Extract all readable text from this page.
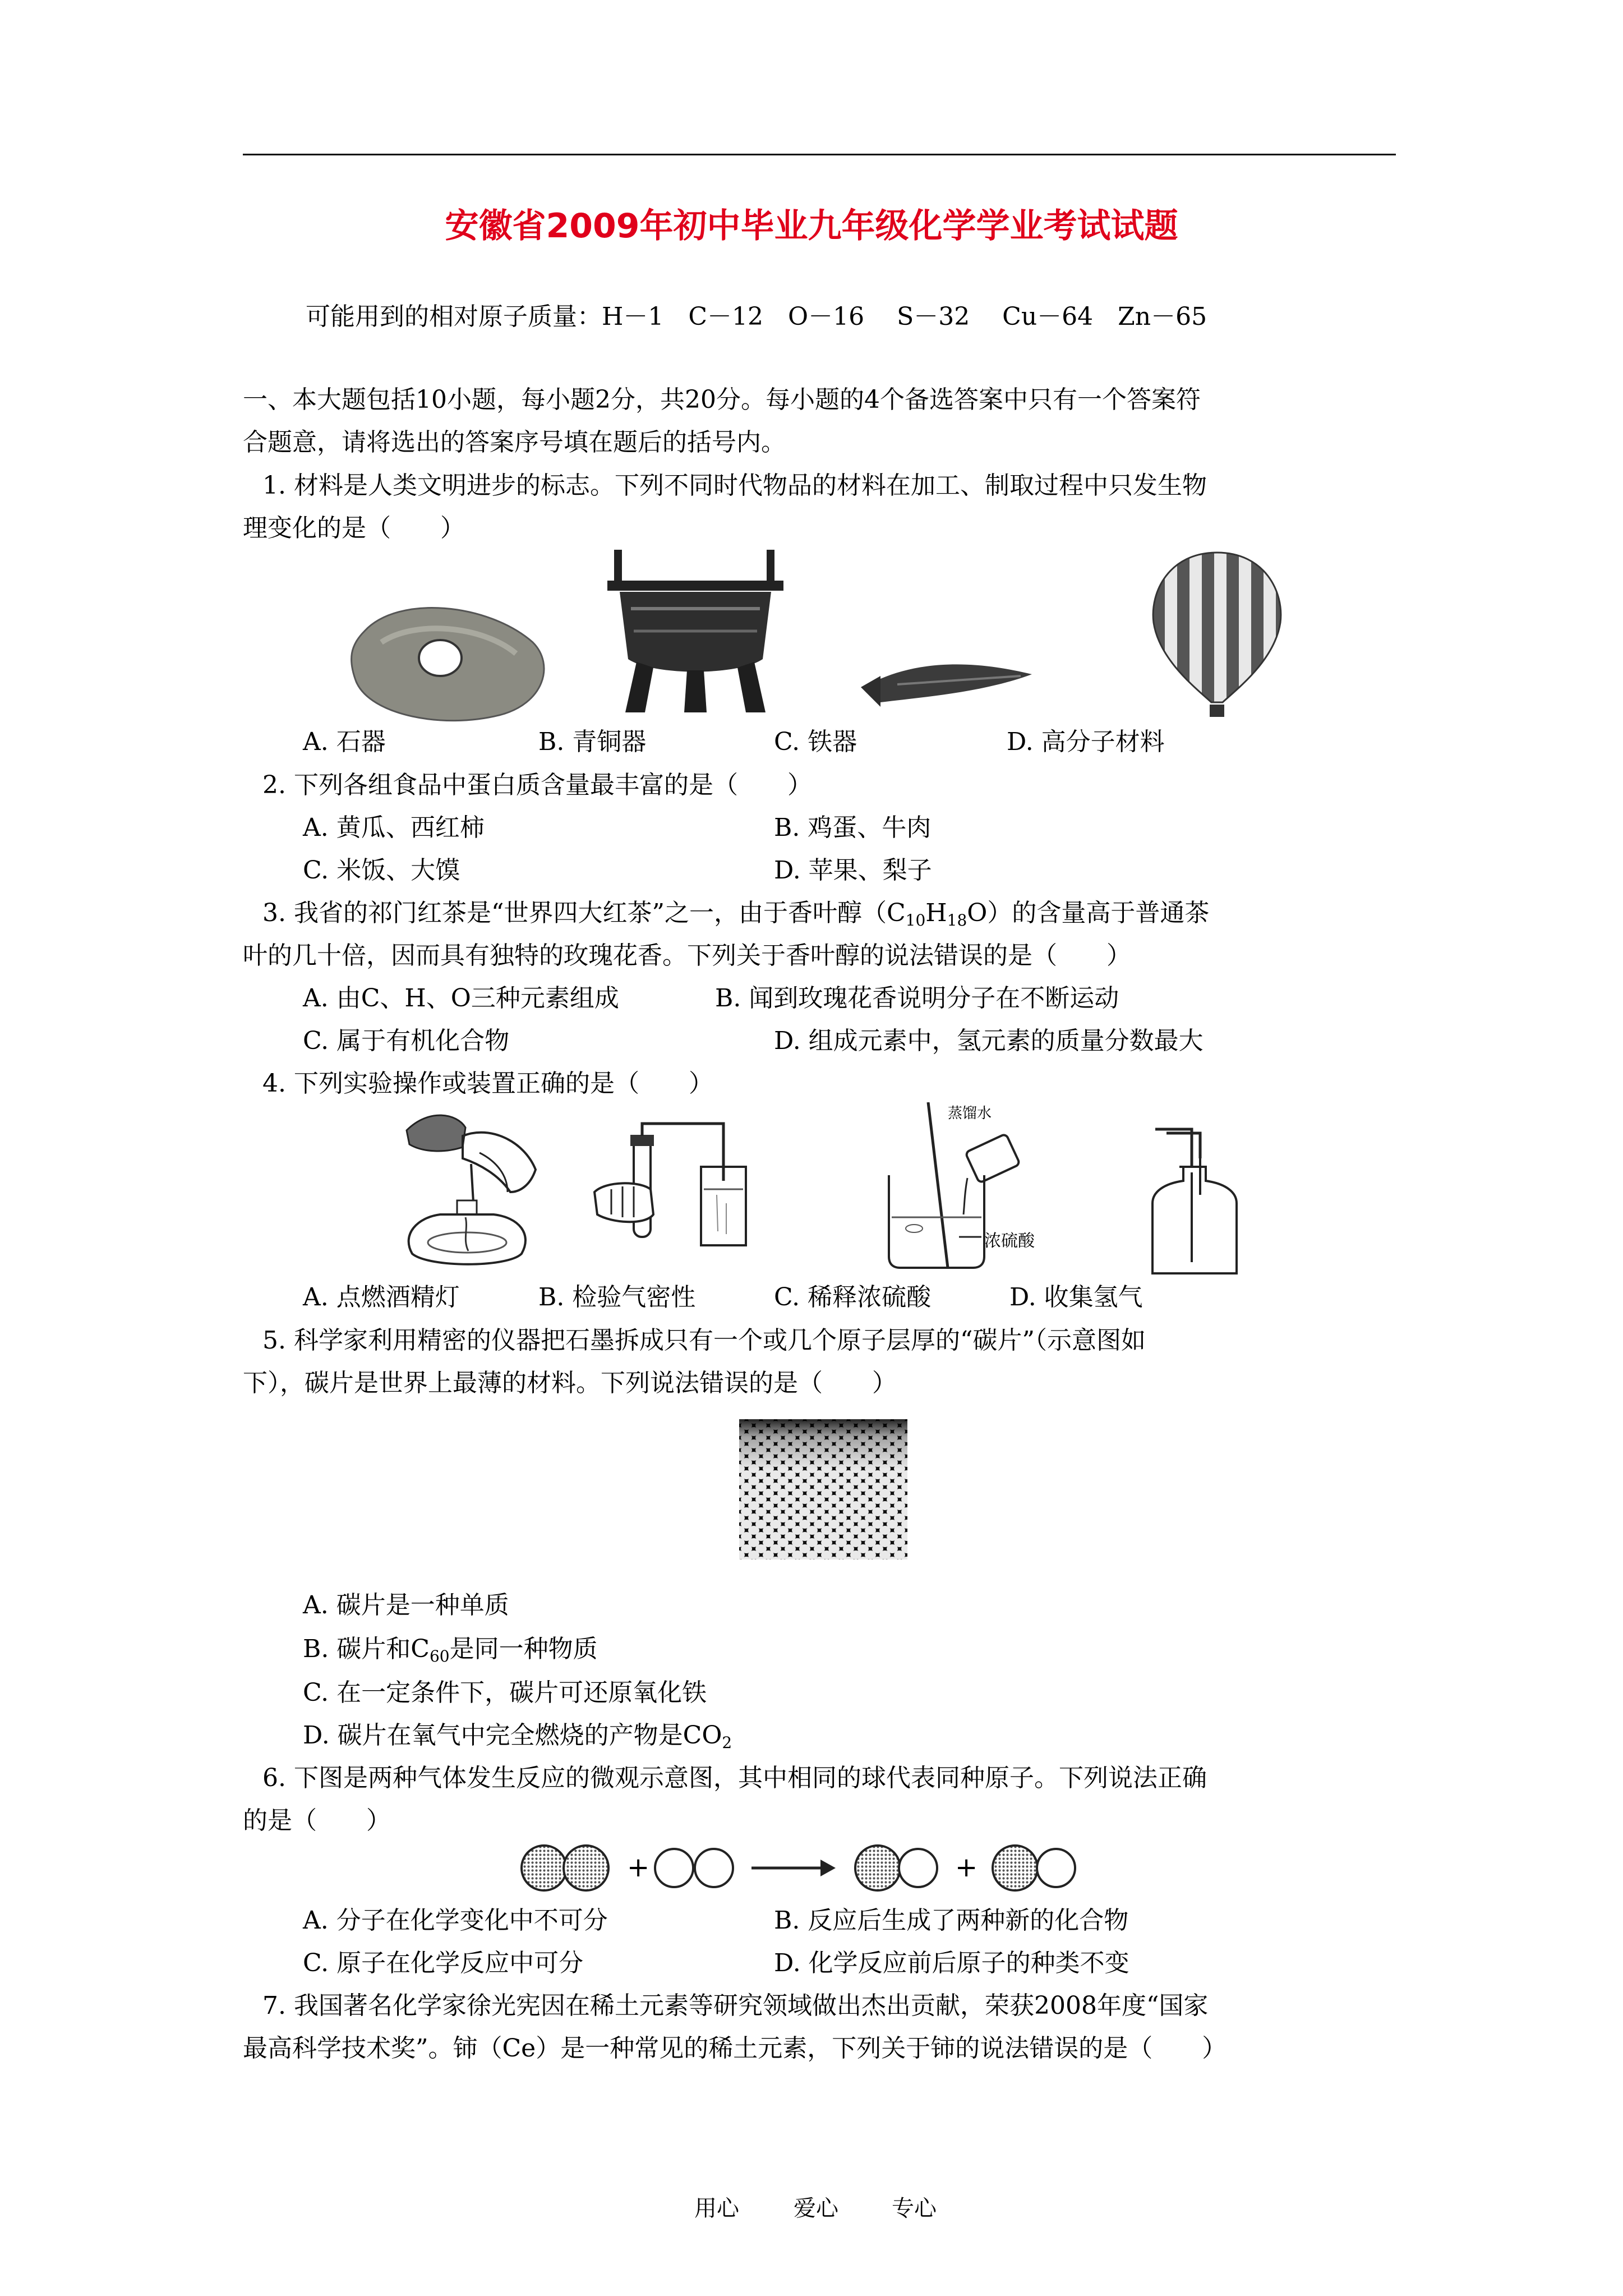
安徽省2009年初中毕业九年级化学学业考试试题
可能用到的相对原子质量：H－1　C－12　O－16　 S－32　 Cu－64　Zn－65
一、本大题包括10小题，每小题2分，共20分。每小题的4个备选答案中只有一个答案符
合题意，请将选出的答案序号填在题后的括号内。
1. 材料是人类文明进步的标志。下列不同时代物品的材料在加工、制取过程中只发生物
理变化的是（　　）
A. 石器	B. 青铜器	C. 铁器	D. 高分子材料
2. 下列各组食品中蛋白质含量最丰富的是（　　）
A. 黄瓜、西红柿	B. 鸡蛋、牛肉
C. 米饭、大馍	D. 苹果、梨子
3. 我省的祁门红茶是“世界四大红茶”之一，由于香叶醇$(C_{10}H_{18}O)$的含量高于普通茶
叶的几十倍，因而具有独特的玫瑰花香。下列关于香叶醇的说法错误的是（　　）
A. 由C、H、O三种元素组成	B. 闻到玫瑰花香说明分子在不断运动
C. 属于有机化合物	D. 组成元素中，氢元素的质量分数最大
4. 下列实验操作或装置正确的是（　　）
蒸馏水
浓硫酸
A. 点燃酒精灯	B. 检验气密性	C. 稀释浓硫酸	D. 收集氢气
5. 科学家利用精密的仪器把石墨拆成只有一个或几个原子层厚的“碳片”（示意图如
下），碳片是世界上最薄的材料。下列说法错误的是（　　）
A. 碳片是一种单质
B. 碳片和$C_{60}$是同一种物质
C. 在一定条件下，碳片可还原氧化铁
D. 碳片在氧气中完全燃烧的产物是$CO_2$
6. 下图是两种气体发生反应的微观示意图，其中相同的球代表同种原子。下列说法正确
的是（　　）
+	+
A. 分子在化学变化中不可分	B. 反应后生成了两种新的化合物
C. 原子在化学反应中可分	D. 化学反应前后原子的种类不变
7. 我国著名化学家徐光宪因在稀土元素等研究领域做出杰出贡献，荣获2008年度“国家
最高科学技术奖”。铈（Ce）是一种常见的稀土元素，下列关于铈的说法错误的是（　　）
用心 爱心 专心
